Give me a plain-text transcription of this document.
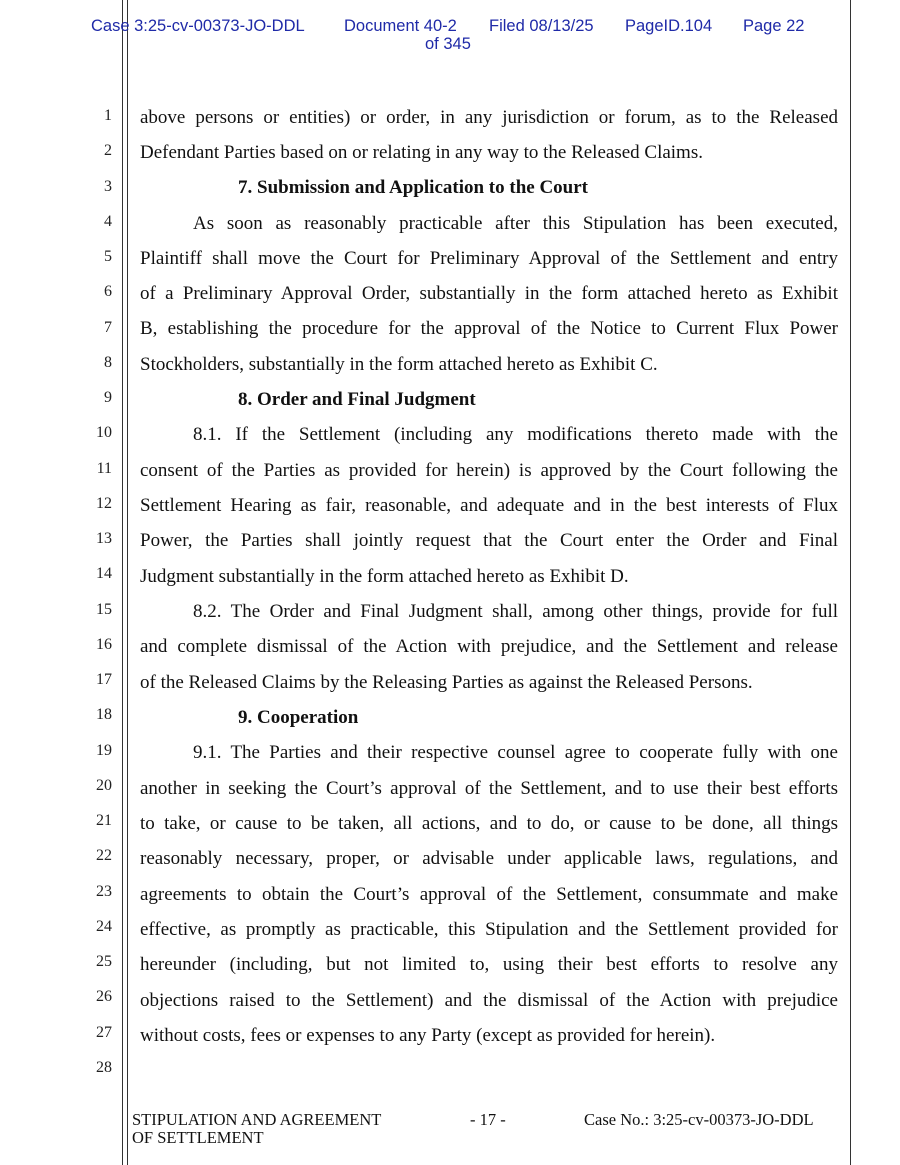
Case 3:25-cv-00373-JO-DDL Document 40-2 Filed 08/13/25 PageID.104 Page 22
of 345
1
2
3
4
5
6
7
8
9
10
11
12
13
14
15
16
17
18
19
20
21
22
23
24
25
26
27
28
above persons or entities) or order, in any jurisdiction or forum, as to the Released
Defendant Parties based on or relating in any way to the Released Claims.
7. Submission and Application to the Court
As soon as reasonably practicable after this Stipulation has been executed,
Plaintiff shall move the Court for Preliminary Approval of the Settlement and entry
of a Preliminary Approval Order, substantially in the form attached hereto as Exhibit
B, establishing the procedure for the approval of the Notice to Current Flux Power
Stockholders, substantially in the form attached hereto as Exhibit C.
8. Order and Final Judgment
8.1. If the Settlement (including any modifications thereto made with the
consent of the Parties as provided for herein) is approved by the Court following the
Settlement Hearing as fair, reasonable, and adequate and in the best interests of Flux
Power, the Parties shall jointly request that the Court enter the Order and Final
Judgment substantially in the form attached hereto as Exhibit D.
8.2. The Order and Final Judgment shall, among other things, provide for full
and complete dismissal of the Action with prejudice, and the Settlement and release
of the Released Claims by the Releasing Parties as against the Released Persons.
9. Cooperation
9.1. The Parties and their respective counsel agree to cooperate fully with one
another in seeking the Court’s approval of the Settlement, and to use their best efforts
to take, or cause to be taken, all actions, and to do, or cause to be done, all things
reasonably necessary, proper, or advisable under applicable laws, regulations, and
agreements to obtain the Court’s approval of the Settlement, consummate and make
effective, as promptly as practicable, this Stipulation and the Settlement provided for
hereunder (including, but not limited to, using their best efforts to resolve any
objections raised to the Settlement) and the dismissal of the Action with prejudice
without costs, fees or expenses to any Party (except as provided for herein).
STIPULATION AND AGREEMENT
OF SETTLEMENT
- 17 -	Case No.: 3:25-cv-00373-JO-DDL
